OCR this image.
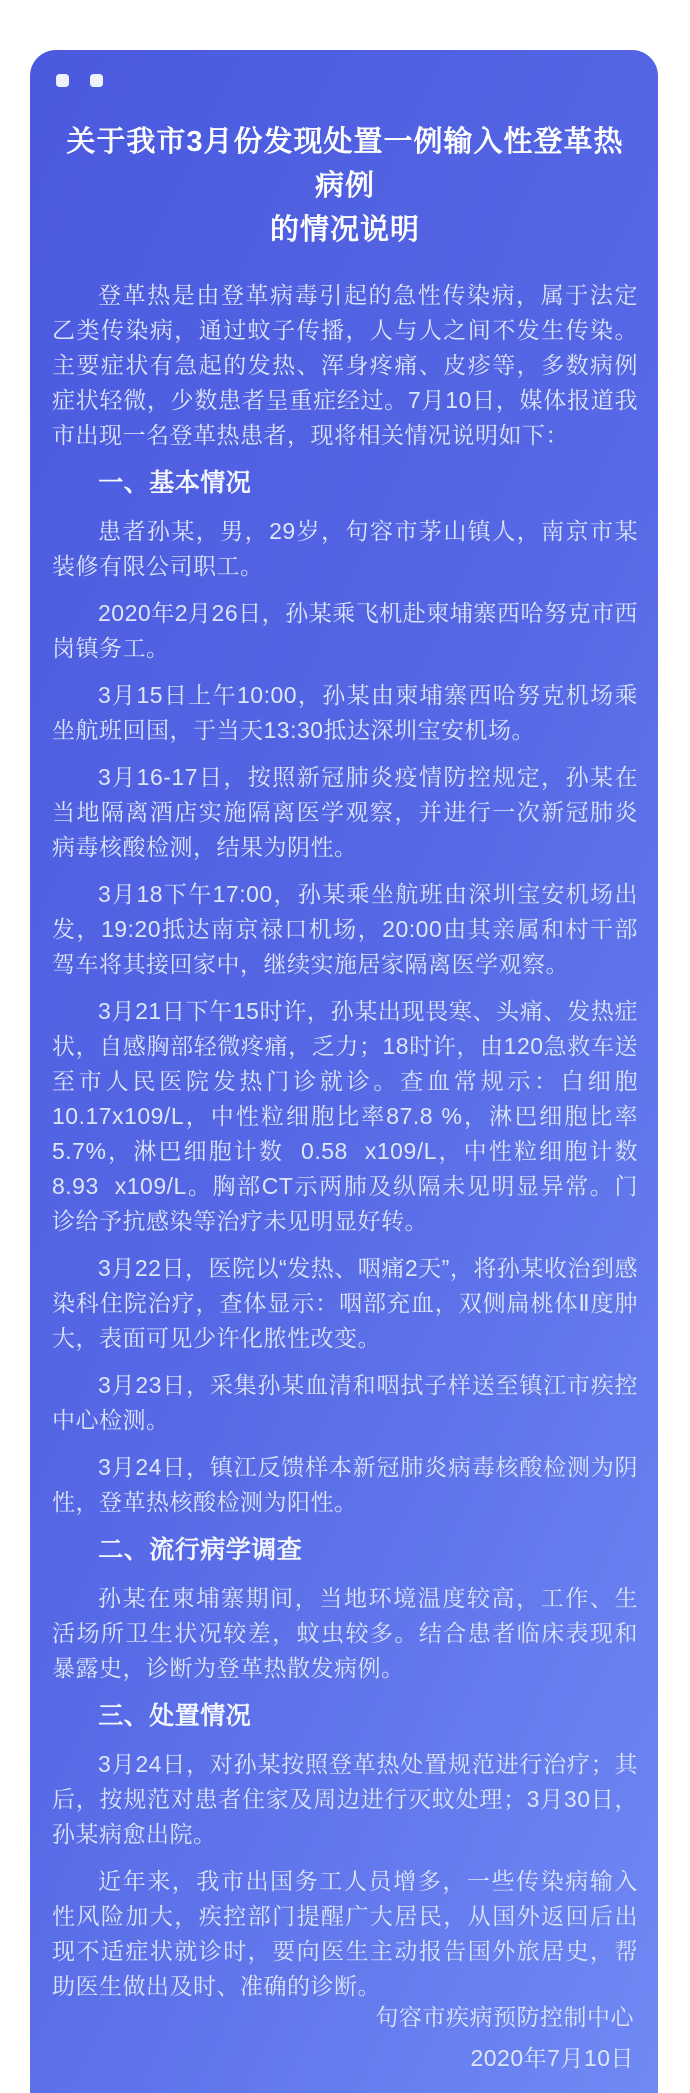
关于我市3月份发现处置一例输入性登革热病例
的情况说明
登革热是由登革病毒引起的急性传染病，属于法定乙类传染病，通过蚊子传播，人与人之间不发生传染。主要症状有急起的发热、浑身疼痛、皮疹等，多数病例症状轻微，少数患者呈重症经过。7月10日，媒体报道我市出现一名登革热患者，现将相关情况说明如下：
一、基本情况
患者孙某，男，29岁，句容市茅山镇人，南京市某装修有限公司职工。
2020年2月26日，孙某乘飞机赴柬埔寨西哈努克市西岗镇务工。
3月15日上午10:00，孙某由柬埔寨西哈努克机场乘坐航班回国，于当天13:30抵达深圳宝安机场。
3月16-17日，按照新冠肺炎疫情防控规定，孙某在当地隔离酒店实施隔离医学观察，并进行一次新冠肺炎病毒核酸检测，结果为阴性。
3月18下午17:00，孙某乘坐航班由深圳宝安机场出发，19:20抵达南京禄口机场，20:00由其亲属和村干部驾车将其接回家中，继续实施居家隔离医学观察。
3月21日下午15时许，孙某出现畏寒、头痛、发热症状，自感胸部轻微疼痛，乏力；18时许，由120急救车送至市人民医院发热门诊就诊。查血常规示：白细胞10.17x109/L，中性粒细胞比率87.8 %，淋巴细胞比率5.7%，淋巴细胞计数  0.58  x109/L，中性粒细胞计数8.93  x109/L。胸部CT示两肺及纵隔未见明显异常。门诊给予抗感染等治疗未见明显好转。
3月22日，医院以“发热、咽痛2天”，将孙某收治到感染科住院治疗，查体显示：咽部充血，双侧扁桃体Ⅱ度肿大，表面可见少许化脓性改变。
3月23日，采集孙某血清和咽拭子样送至镇江市疾控中心检测。
3月24日，镇江反馈样本新冠肺炎病毒核酸检测为阴性，登革热核酸检测为阳性。
二、流行病学调查
孙某在柬埔寨期间，当地环境温度较高，工作、生活场所卫生状况较差，蚊虫较多。结合患者临床表现和暴露史，诊断为登革热散发病例。
三、处置情况
3月24日，对孙某按照登革热处置规范进行治疗；其后，按规范对患者住家及周边进行灭蚊处理；3月30日，孙某病愈出院。
近年来，我市出国务工人员增多，一些传染病输入性风险加大，疾控部门提醒广大居民，从国外返回后出现不适症状就诊时，要向医生主动报告国外旅居史，帮助医生做出及时、准确的诊断。
句容市疾病预防控制中心
2020年7月10日
